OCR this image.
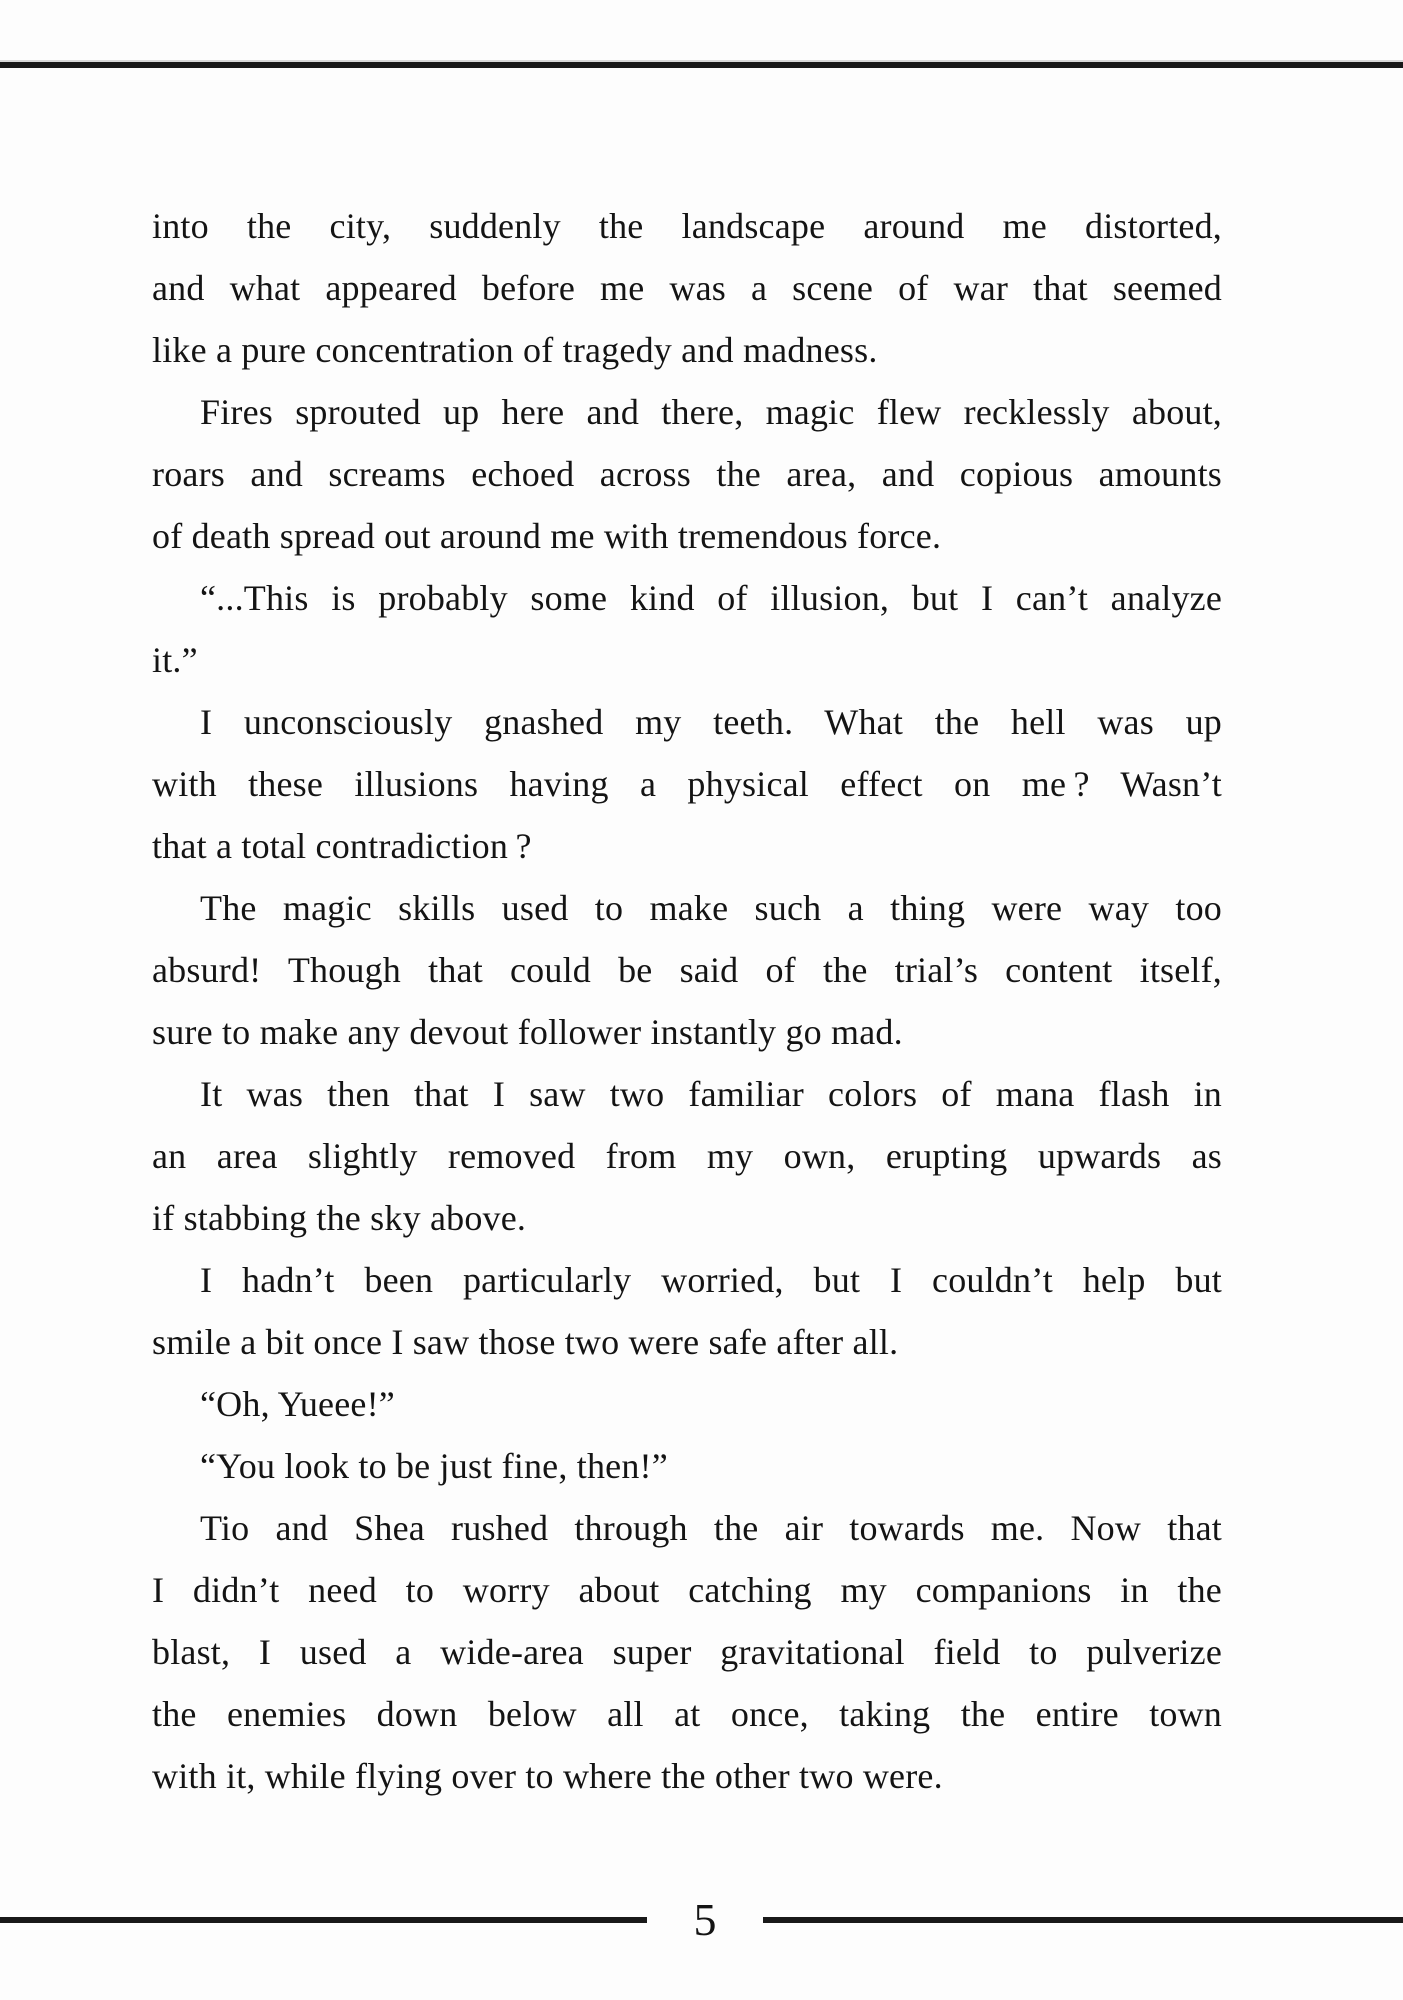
into the city, suddenly the landscape around me distorted,
and what appeared before me was a scene of war that seemed
like a pure concentration of tragedy and madness.
Fires sprouted up here and there, magic flew recklessly about,
roars and screams echoed across the area, and copious amounts
of death spread out around me with tremendous force.
“...This is probably some kind of illusion, but I can’t analyze
it.”
I unconsciously gnashed my teeth. What the hell was up
with these illusions having a physical effect on me ? Wasn’t
that a total contradiction ?
The magic skills used to make such a thing were way too
absurd! Though that could be said of the trial’s content itself,
sure to make any devout follower instantly go mad.
It was then that I saw two familiar colors of mana flash in
an area slightly removed from my own, erupting upwards as
if stabbing the sky above.
I hadn’t been particularly worried, but I couldn’t help but
smile a bit once I saw those two were safe after all.
“Oh, Yueee!”
“You look to be just fine, then!”
Tio and Shea rushed through the air towards me. Now that
I didn’t need to worry about catching my companions in the
blast, I used a wide-area super gravitational field to pulverize
the enemies down below all at once, taking the entire town
with it, while flying over to where the other two were.
5
